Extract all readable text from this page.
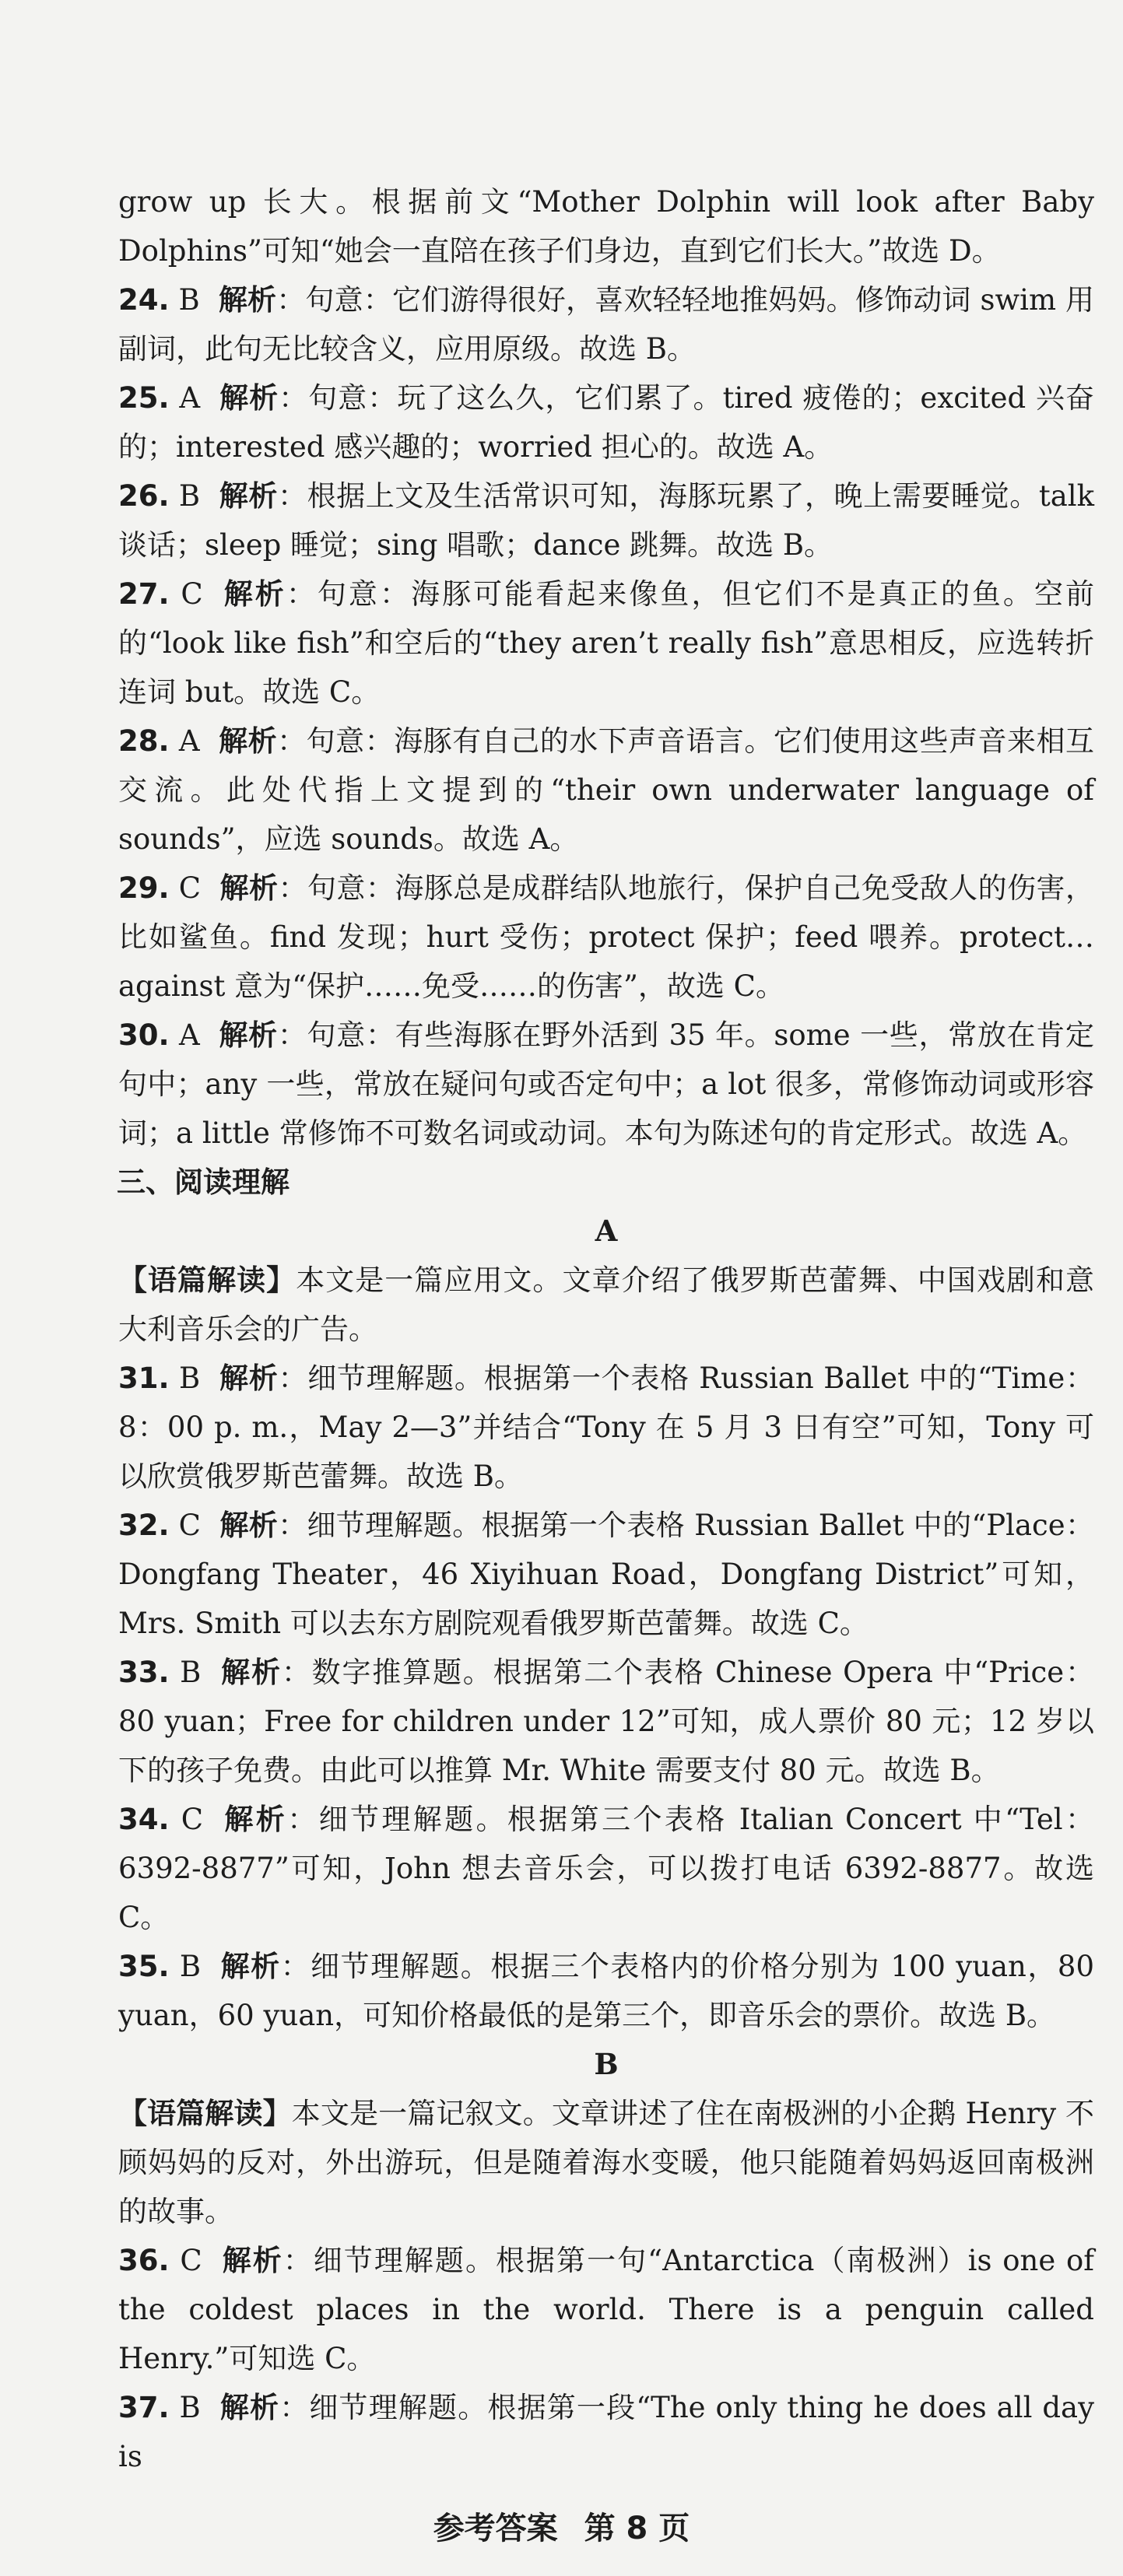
grow up 长大。根据前文“Mother Dolphin will look after Baby Dolphins”可知“她会一直陪在孩子们身边，直到它们长大。”故选 D。

24. B 解析：句意：它们游得很好，喜欢轻轻地推妈妈。修饰动词 swim 用副词，此句无比较含义，应用原级。故选 B。

25. A 解析：句意：玩了这么久，它们累了。tired 疲倦的；excited 兴奋的；interested 感兴趣的；worried 担心的。故选 A。

26. B 解析：根据上文及生活常识可知，海豚玩累了，晚上需要睡觉。talk 谈话；sleep 睡觉；sing 唱歌；dance 跳舞。故选 B。

27. C 解析：句意：海豚可能看起来像鱼，但它们不是真正的鱼。空前的“look like fish”和空后的“they aren’t really fish”意思相反，应选转折连词 but。故选 C。

28. A 解析：句意：海豚有自己的水下声音语言。它们使用这些声音来相互交流。此处代指上文提到的“their own underwater language of sounds”，应选 sounds。故选 A。

29. C 解析：句意：海豚总是成群结队地旅行，保护自己免受敌人的伤害，比如鲨鱼。find 发现；hurt 受伤；protect 保护；feed 喂养。protect…against 意为“保护……免受……的伤害”，故选 C。

30. A 解析：句意：有些海豚在野外活到 35 年。some 一些，常放在肯定句中；any 一些，常放在疑问句或否定句中；a lot 很多，常修饰动词或形容词；a little 常修饰不可数名词或动词。本句为陈述句的肯定形式。故选 A。

三、阅读理解

A

【语篇解读】本文是一篇应用文。文章介绍了俄罗斯芭蕾舞、中国戏剧和意大利音乐会的广告。

31. B 解析：细节理解题。根据第一个表格 Russian Ballet 中的“Time：8：00 p. m.，May 2—3”并结合“Tony 在 5 月 3 日有空”可知，Tony 可以欣赏俄罗斯芭蕾舞。故选 B。

32. C 解析：细节理解题。根据第一个表格 Russian Ballet 中的“Place：Dongfang Theater，46 Xiyihuan Road，Dongfang District”可知，Mrs. Smith 可以去东方剧院观看俄罗斯芭蕾舞。故选 C。

33. B 解析：数字推算题。根据第二个表格 Chinese Opera 中“Price：80 yuan；Free for children under 12”可知，成人票价 80 元；12 岁以下的孩子免费。由此可以推算 Mr. White 需要支付 80 元。故选 B。

34. C 解析：细节理解题。根据第三个表格 Italian Concert 中“Tel：6392-8877”可知，John 想去音乐会，可以拨打电话 6392-8877。故选 C。

35. B 解析：细节理解题。根据三个表格内的价格分别为 100 yuan，80 yuan，60 yuan，可知价格最低的是第三个，即音乐会的票价。故选 B。

B

【语篇解读】本文是一篇记叙文。文章讲述了住在南极洲的小企鹅 Henry 不顾妈妈的反对，外出游玩，但是随着海水变暖，他只能随着妈妈返回南极洲的故事。

36. C 解析：细节理解题。根据第一句“Antarctica（南极洲）is one of the coldest places in the world. There is a penguin called Henry.”可知选 C。

37. B 解析：细节理解题。根据第一段“The only thing he does all day is

参考答案 第 8 页
